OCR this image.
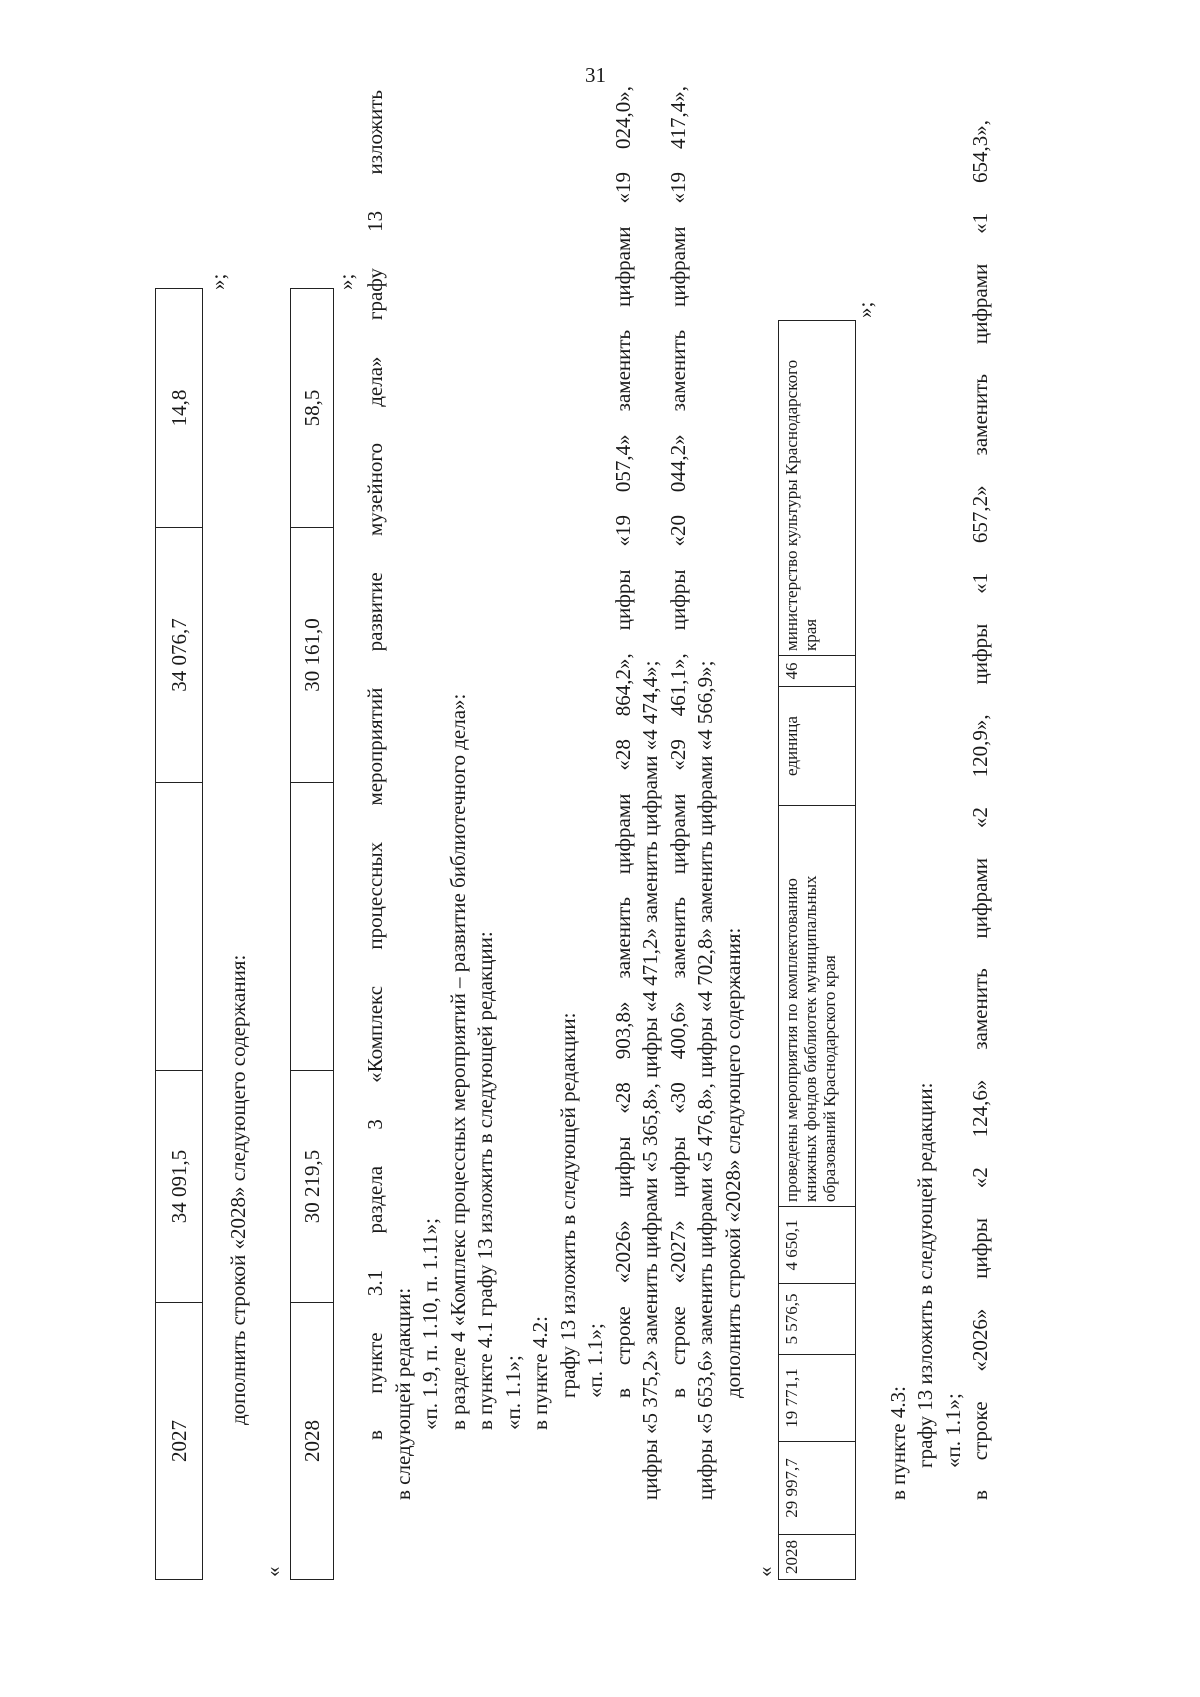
31
2027	34 091,5		34 076,7	14,8	
»;
дополнить строкой «2028» следующего содержания:
«
2028	30 219,5		30 161,0	58,5	
»; в пункте 3.1 раздела 3 «Комплекс процессных мероприятий развитие музейного дела» графу 13 изложить в следующей редакции: «п. 1.9, п. 1.10, п. 1.11»; в разделе 4 «Комплекс процессных мероприятий – развитие библиотечного дела»: в пункте 4.1 графу 13 изложить в следующей редакции: «п. 1.1»; в пункте 4.2: графу 13 изложить в следующей редакции: «п. 1.1»; в строке «2026» цифры «28 903,8» заменить цифрами «28 864,2», цифры «19 057,4» заменить цифрами «19 024,0», цифры «5 375,2» заменить цифрами «5 365,8», цифры «4 471,2» заменить цифрами «4 474,4»; в строке «2027» цифры «30 400,6» заменить цифрами «29 461,1», цифры «20 044,2» заменить цифрами «19 417,4», цифры «5 653,6» заменить цифрами «5 476,8», цифры «4 702,8» заменить цифрами «4 566,9»; дополнить строкой «2028» следующего содержания:
« 2028	29 997,7	19 771,1	5 576,5	4 650,1	проведены мероприятия по комплектованию книжных фондов библиотек муниципальных образований Краснодарского края	единица	46	министерство культуры Краснодарского края
»;
в пункте 4.3: графу 13 изложить в следующей редакции: «п. 1.1»; в строке «2026» цифры «2 124,6» заменить цифрами «2 120,9», цифры «1 657,2» заменить цифрами «1 654,3»,
